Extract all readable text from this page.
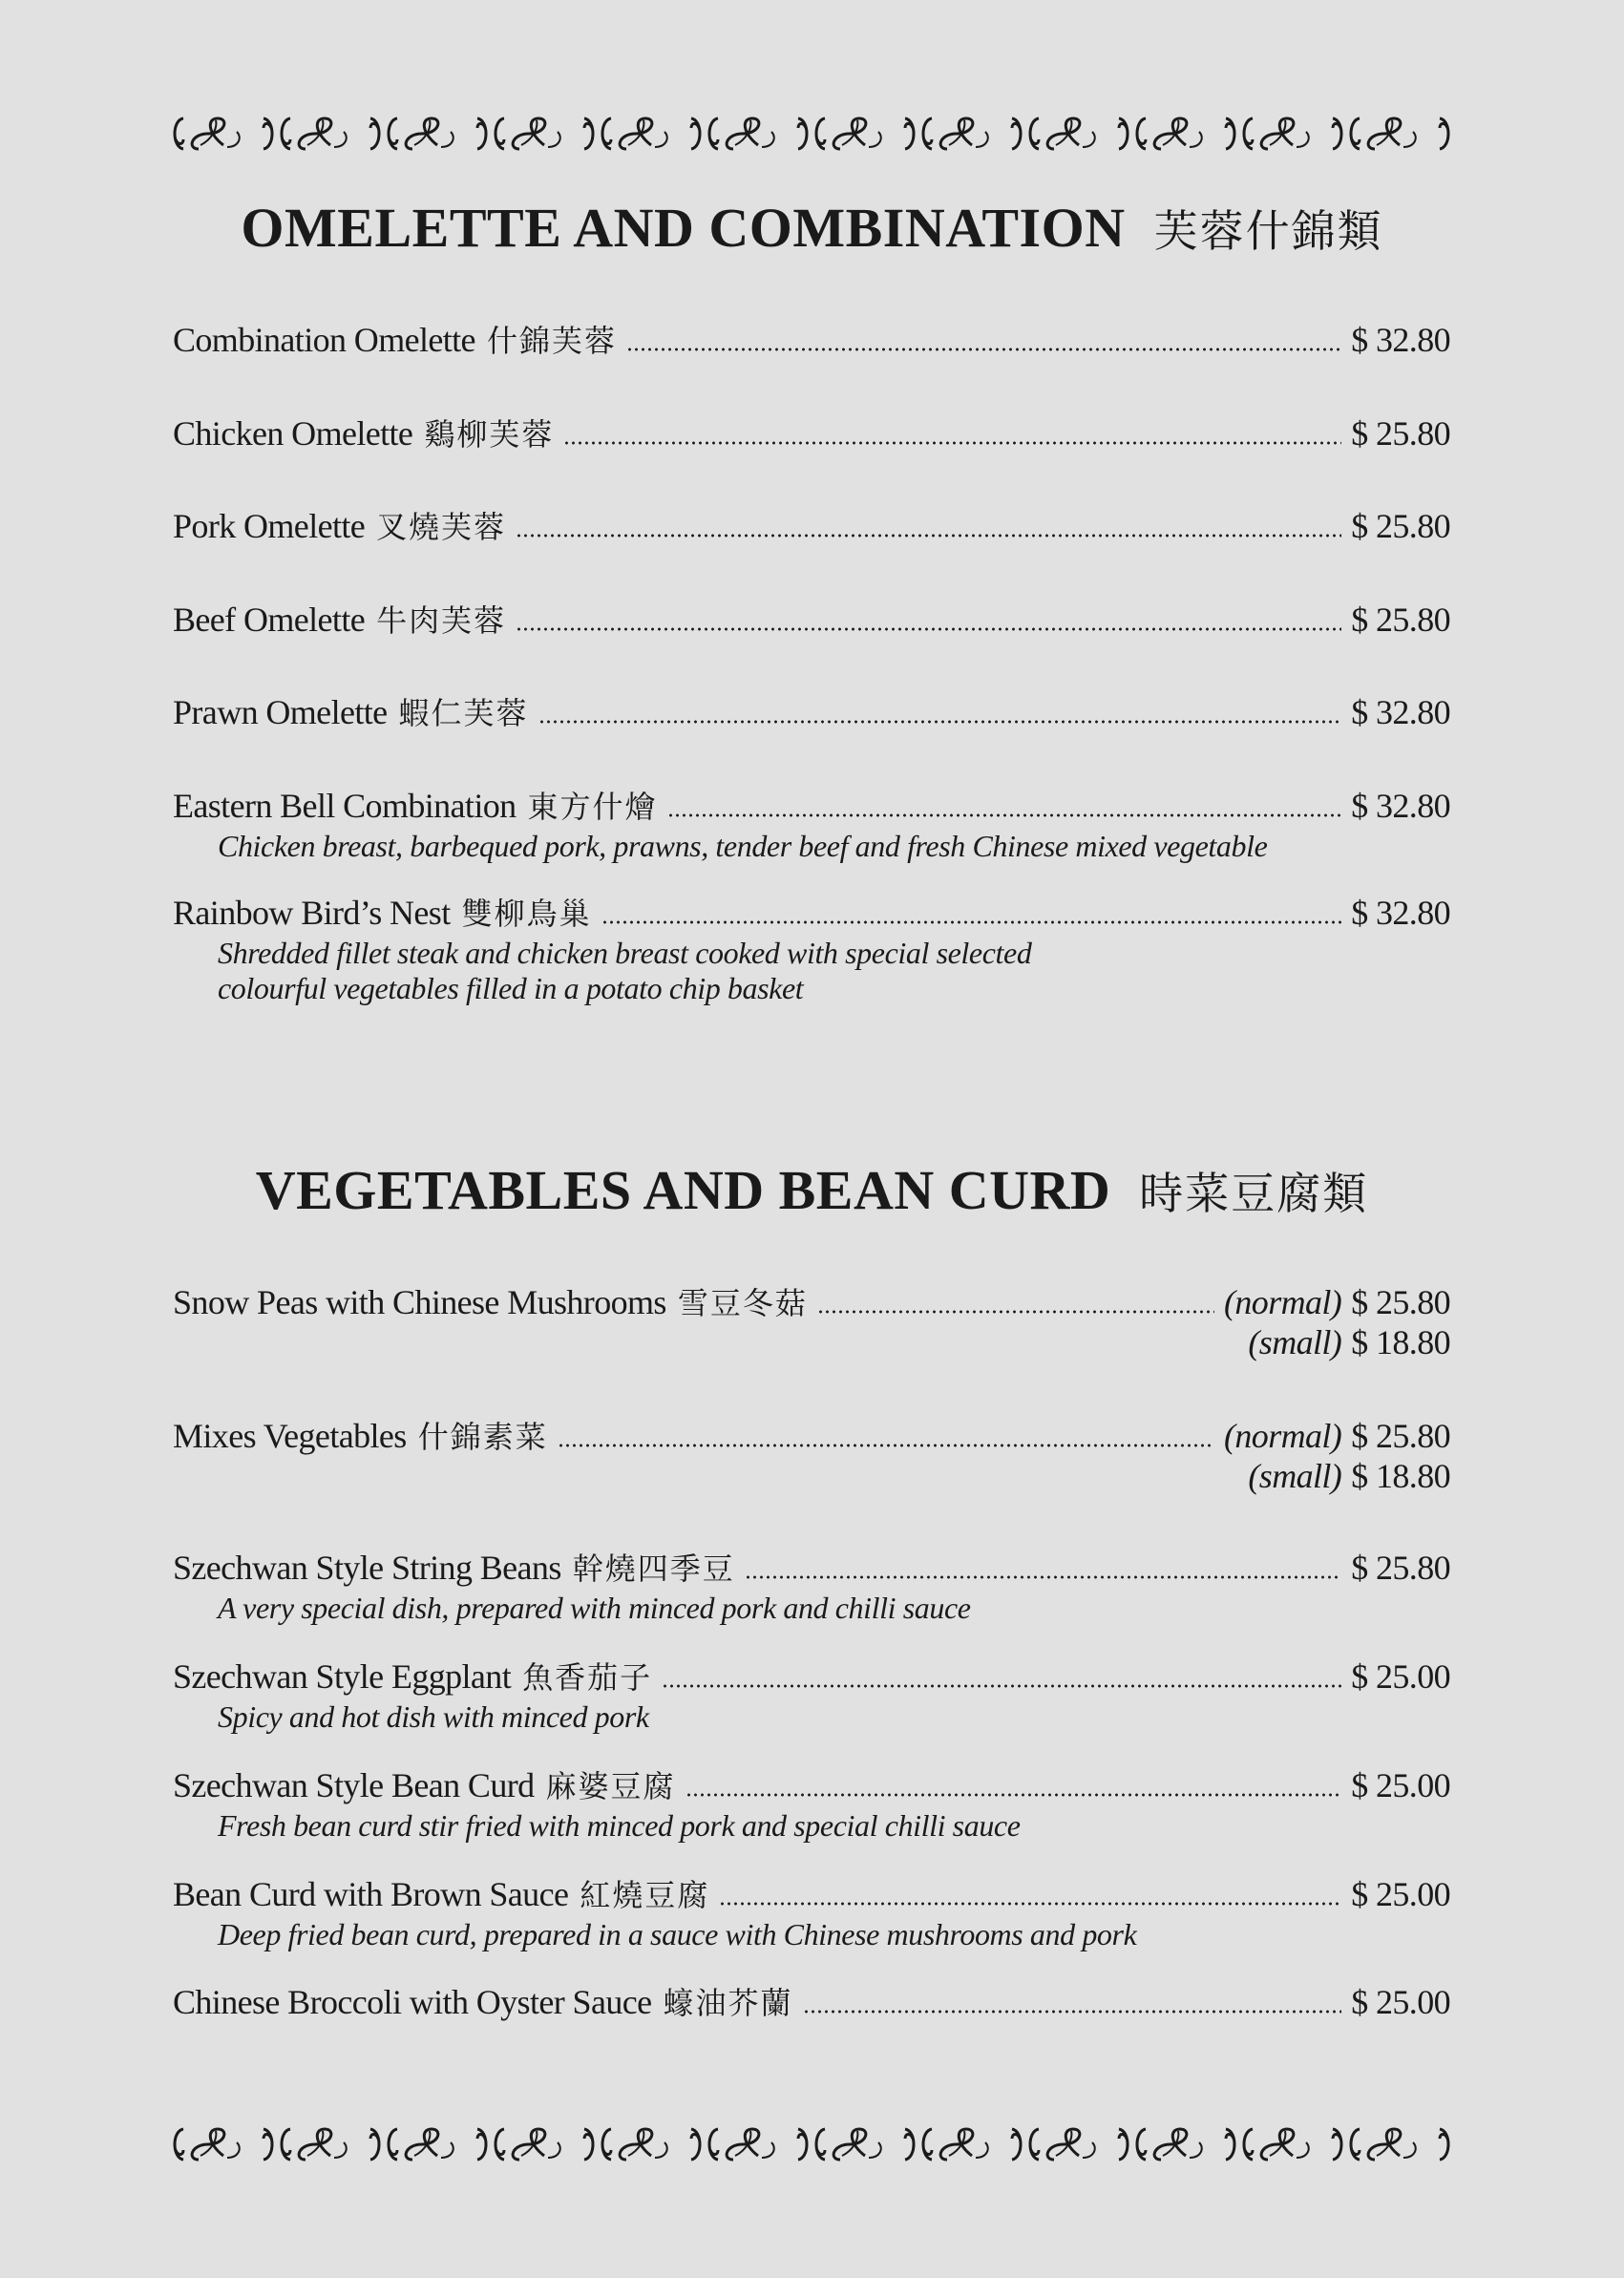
OMELETTE AND COMBINATION 芙蓉什錦類
Combination Omelette 什錦芙蓉	$ 32.80
Chicken Omelette 鷄柳芙蓉	$ 25.80
Pork Omelette 叉燒芙蓉	$ 25.80
Beef Omelette 牛肉芙蓉	$ 25.80
Prawn Omelette 蝦仁芙蓉	$ 32.80
Eastern Bell Combination 東方什燴	$ 32.80
Chicken breast, barbequed pork, prawns, tender beef and fresh Chinese mixed vegetable
Rainbow Bird’s Nest 雙柳鳥巢	$ 32.80
Shredded fillet steak and chicken breast cooked with special selected
colourful vegetables filled in a potato chip basket
VEGETABLES AND BEAN CURD 時菜豆腐類
Snow Peas with Chinese Mushrooms 雪豆冬菇	(normal) $ 25.80
(small) $ 18.80
Mixes Vegetables 什錦素菜	(normal) $ 25.80
(small) $ 18.80
Szechwan Style String Beans 幹燒四季豆	$ 25.80
A very special dish, prepared with minced pork and chilli sauce
Szechwan Style Eggplant 魚香茄子	$ 25.00
Spicy and hot dish with minced pork
Szechwan Style Bean Curd 麻婆豆腐	$ 25.00
Fresh bean curd stir fried with minced pork and special chilli sauce
Bean Curd with Brown Sauce 紅燒豆腐	$ 25.00
Deep fried bean curd, prepared in a sauce with Chinese mushrooms and pork
Chinese Broccoli with Oyster Sauce 蠔油芥蘭	$ 25.00
